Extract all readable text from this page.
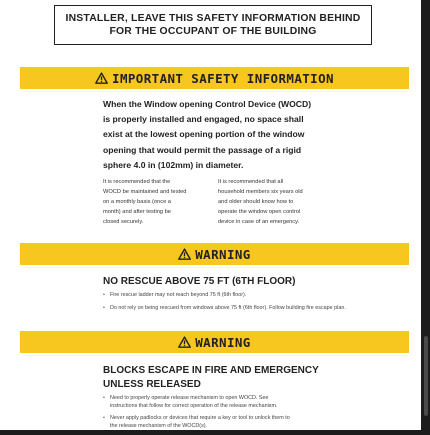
INSTALLER, LEAVE THIS SAFETY INFORMATION BEHIND
FOR THE OCCUPANT OF THE BUILDING
IMPORTANT SAFETY INFORMATION
When the Window opening Control Device (WOCD)
is properly installed and engaged, no space shall
exist at the lowest opening portion of the window
opening that would permit the passage of a rigid
sphere 4.0 in (102mm) in diameter.
It is recommended that the
WOCD be maintained and tested
on a monthly basis (once a
month) and after testing be
closed securely.
It is recommended that all
household members six years old
and older should know how to
operate the window open control
device in case of an emergency.
WARNING
NO RESCUE ABOVE 75 FT (6TH FLOOR)
• Fire rescue ladder may not reach beyond 75 ft (6th floor).
• Do not rely on being rescued from windows above 75 ft (6th floor). Follow building fire escape plan.
WARNING
BLOCKS ESCAPE IN FIRE AND EMERGENCY
UNLESS RELEASED
• Need to properly operate release mechanism to open WOCD. See
instructions that follow for correct operation of the release mechanism.
• Never apply padlocks or devices that require a key or tool to unlock them to
the release mechanism of the WOCD(s).
